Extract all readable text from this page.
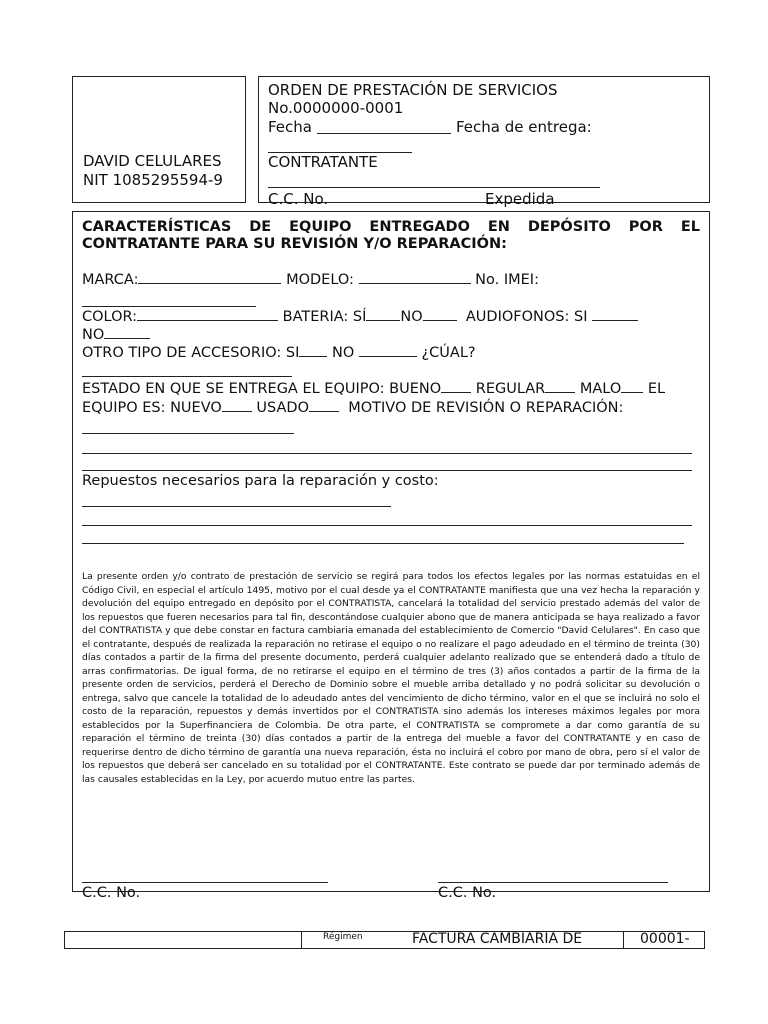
DAVID CELULARES
NIT 1085295594-9
ORDEN DE PRESTACIÓN DE SERVICIOS
No.0000000-0001
Fecha	Fecha de entrega:
CONTRATANTE
C.C. No.	Expedida
CARACTERÍSTICAS DE EQUIPO ENTREGADO EN DEPÓSITO POR EL CONTRATANTE PARA SU REVISIÓN Y/O REPARACIÓN:
MARCA:	MODELO:	No. IMEI:
COLOR:	BATERIA: SÍ NO	AUDIOFONOS: SI
NO
OTRO TIPO DE ACCESORIO: SI NO	¿CÚAL?
ESTADO EN QUE SE ENTREGA EL EQUIPO: BUENO REGULAR MALO EL
EQUIPO ES: NUEVO USADO	MOTIVO DE REVISIÓN O REPARACIÓN:
Repuestos necesarios para la reparación y costo:
La presente orden y/o contrato de prestación de servicio se regirá para todos los efectos legales por las normas estatuidas en el Código Civil, en especial el artículo 1495, motivo por el cual desde ya el CONTRATANTE manifiesta que una vez hecha la reparación y devolución del equipo entregado en depósito por el CONTRATISTA, cancelará la totalidad del servicio prestado además del valor de los repuestos que fueren necesarios para tal fin, descontándose cualquier abono que de manera anticipada se haya realizado a favor del CONTRATISTA y que debe constar en factura cambiaria emanada del establecimiento de Comercio "David Celulares". En caso que el contratante, después de realizada la reparación no retirase el equipo o no realizare el pago adeudado en el término de treinta (30) días contados a partir de la firma del presente documento, perderá cualquier adelanto realizado que se entenderá dado a título de arras confirmatorias. De igual forma, de no retirarse el equipo en el término de tres (3) años contados a partir de la firma de la presente orden de servicios, perderá el Derecho de Dominio sobre el mueble arriba detallado y no podrá solicitar su devolución o entrega, salvo que cancele la totalidad de lo adeudado antes del vencimiento de dicho término, valor en el que se incluirá no solo el costo de la reparación, repuestos y demás invertidos por el CONTRATISTA sino además los intereses máximos legales por mora establecidos por la Superfinanciera de Colombia. De otra parte, el CONTRATISTA se compromete a dar como garantía de su reparación el término de treinta (30) días contados a partir de la entrega del mueble a favor del CONTRATANTE y en caso de requerirse dentro de dicho término de garantía una nueva reparación, ésta no incluirá el cobro por mano de obra, pero sí el valor de los repuestos que deberá ser cancelado en su totalidad por el CONTRATANTE. Este contrato se puede dar por terminado además de las causales establecidas en la Ley, por acuerdo mutuo entre las partes.
C.C. No.	C.C. No.
Régimen	FACTURA CAMBIARIA DE	00001-
